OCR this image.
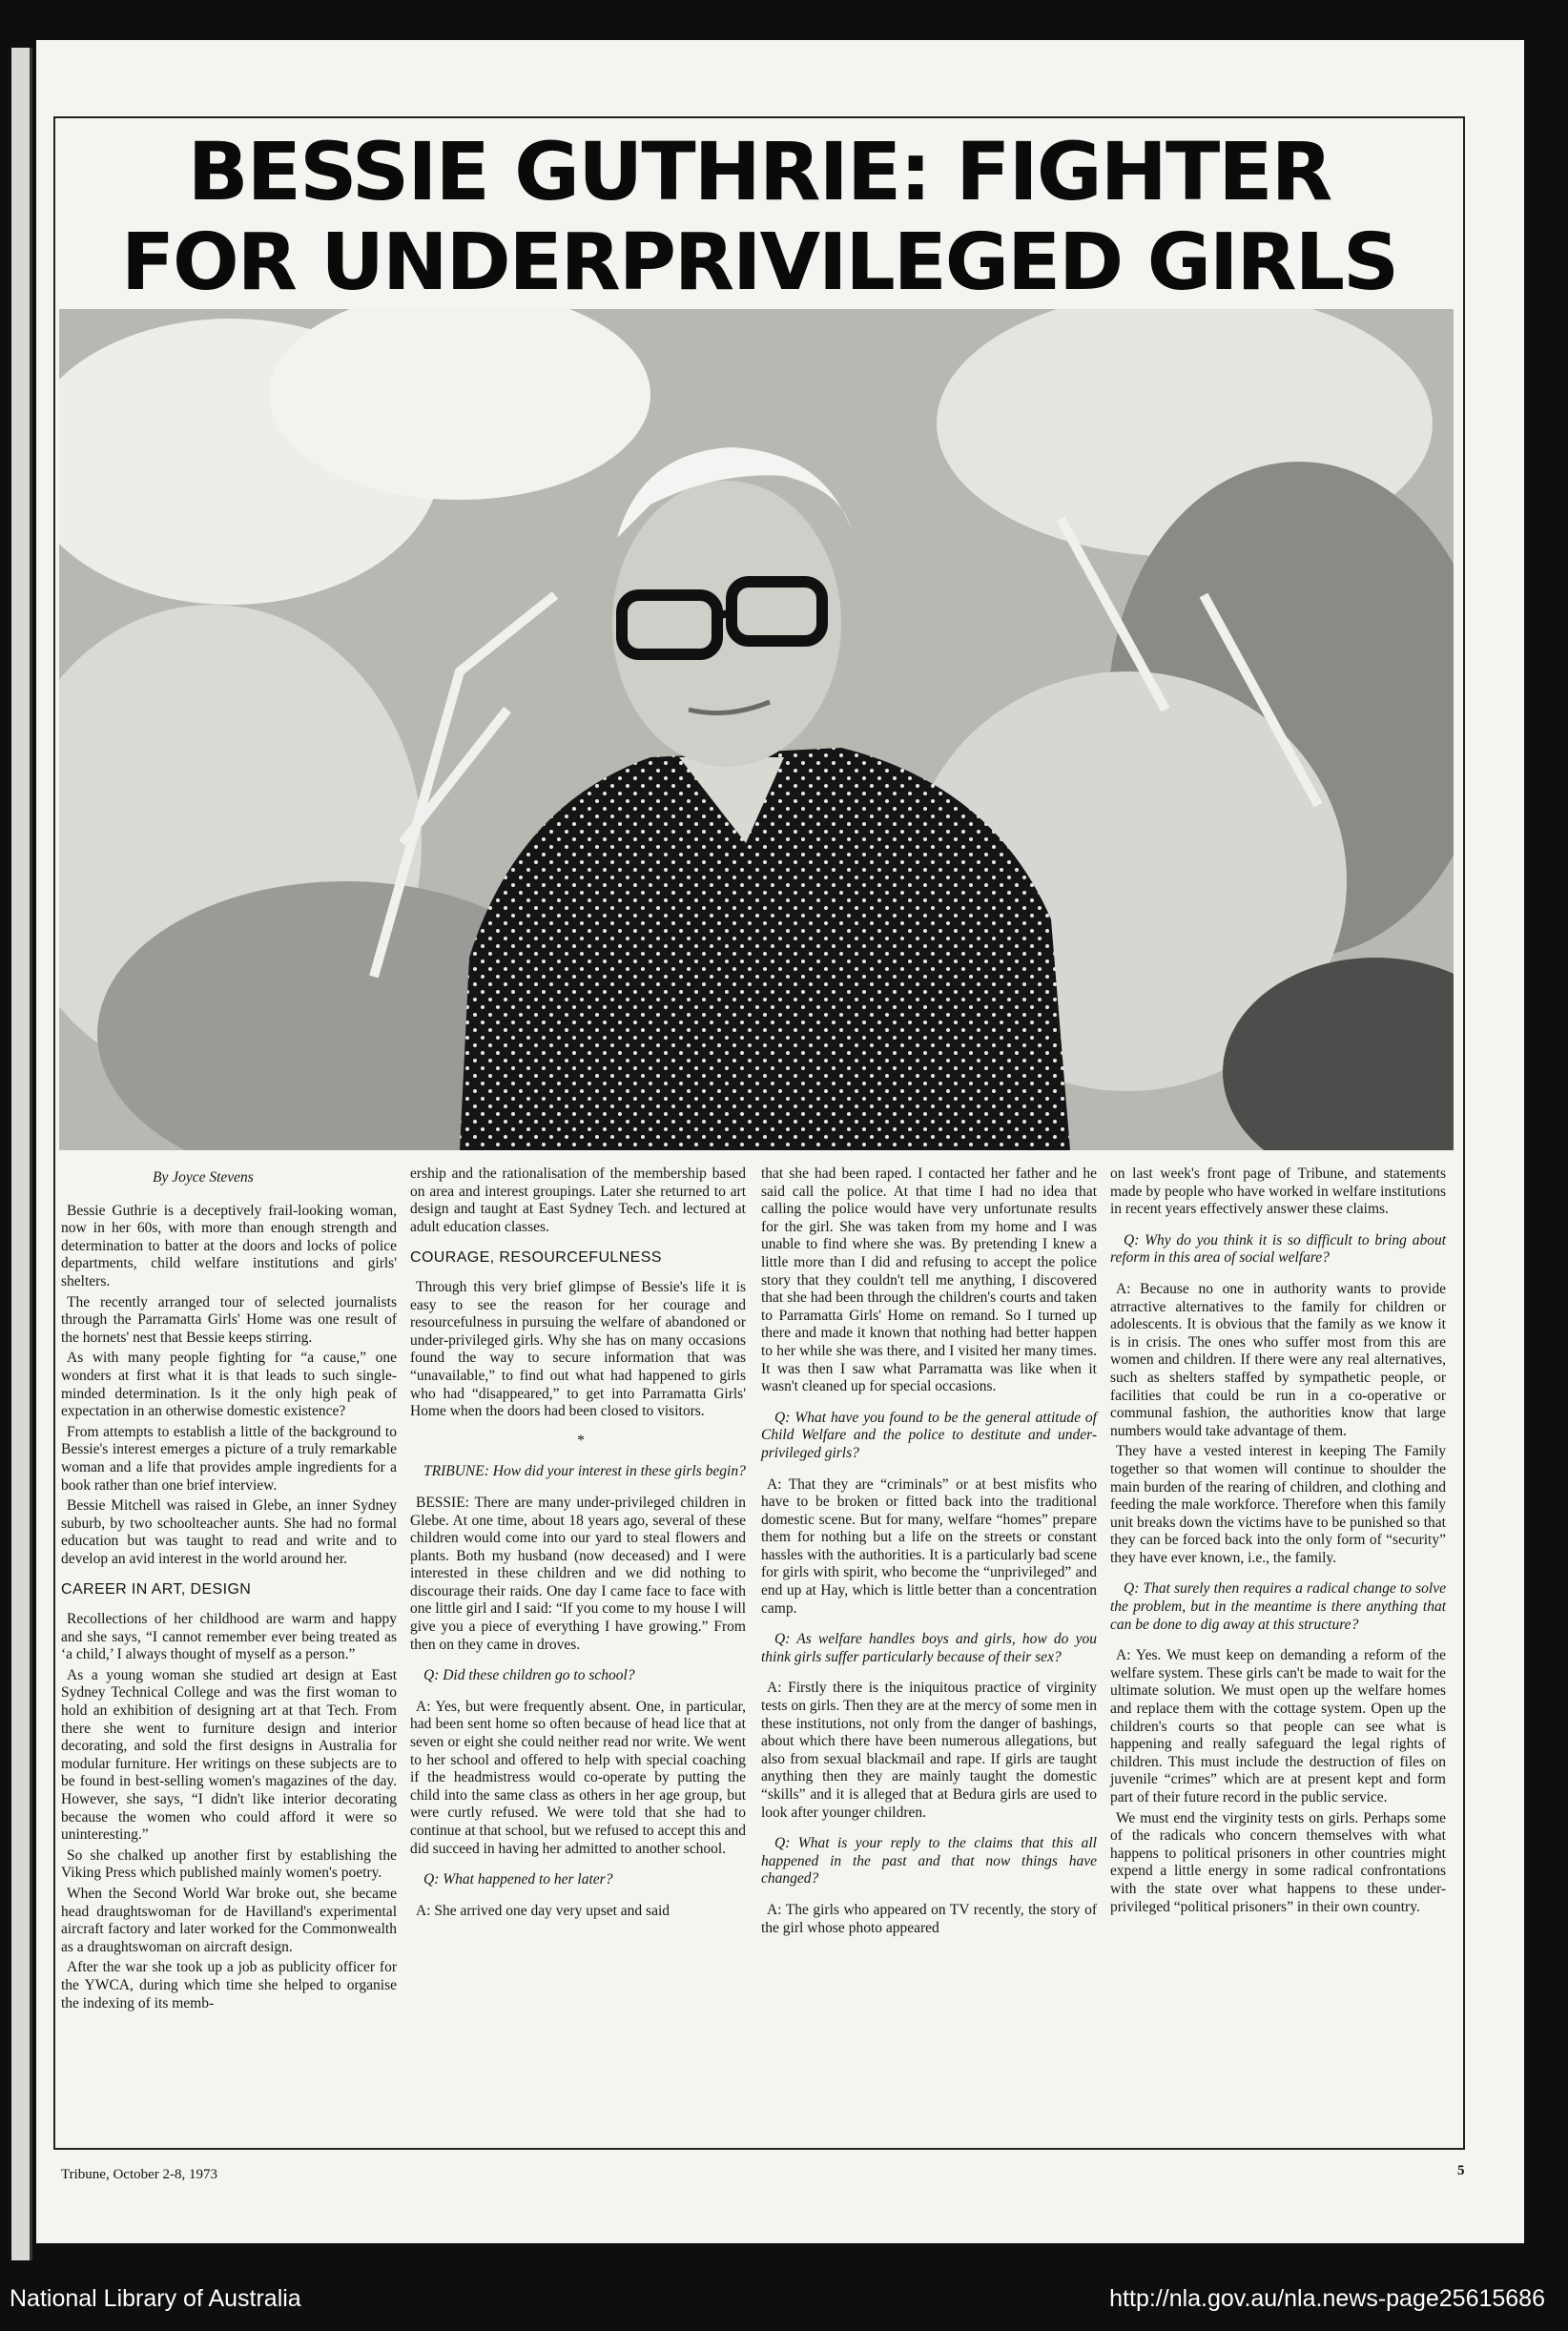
BESSIE GUTHRIE: FIGHTER
FOR UNDERPRIVILEGED GIRLS

By Joyce Stevens

Bessie Guthrie is a deceptively frail-looking woman, now in her 60s, with more than enough strength and determination to batter at the doors and locks of police departments, child welfare institutions and girls' shelters.

The recently arranged tour of selected journalists through the Parramatta Girls' Home was one result of the hornets' nest that Bessie keeps stirring.

As with many people fighting for “a cause,” one wonders at first what it is that leads to such single-minded determination. Is it the only high peak of expectation in an otherwise domestic existence?

From attempts to establish a little of the background to Bessie's interest emerges a picture of a truly remarkable woman and a life that provides ample ingredients for a book rather than one brief interview.

Bessie Mitchell was raised in Glebe, an inner Sydney suburb, by two schoolteacher aunts. She had no formal education but was taught to read and write and to develop an avid interest in the world around her.

CAREER IN ART, DESIGN

Recollections of her childhood are warm and happy and she says, “I cannot remember ever being treated as ‘a child,’ I always thought of myself as a person.”

As a young woman she studied art design at East Sydney Technical College and was the first woman to hold an exhibition of designing art at that Tech. From there she went to furniture design and interior decorating, and sold the first designs in Australia for modular furniture. Her writings on these subjects are to be found in best-selling women's magazines of the day. However, she says, “I didn't like interior decorating because the women who could afford it were so uninteresting.”

So she chalked up another first by establishing the Viking Press which published mainly women's poetry.

When the Second World War broke out, she became head draughtswoman for de Havilland's experimental aircraft factory and later worked for the Commonwealth as a draughtswoman on aircraft design.

After the war she took up a job as publicity officer for the YWCA, during which time she helped to organise the indexing of its memb-

ership and the rationalisation of the membership based on area and interest groupings. Later she returned to art design and taught at East Sydney Tech. and lectured at adult education classes.

COURAGE, RESOURCEFULNESS

Through this very brief glimpse of Bessie's life it is easy to see the reason for her courage and resourcefulness in pursuing the welfare of abandoned or under-privileged girls. Why she has on many occasions found the way to secure information that was “unavailable,” to find out what had happened to girls who had “disappeared,” to get into Parramatta Girls' Home when the doors had been closed to visitors.

*

TRIBUNE: How did your interest in these girls begin?

BESSIE: There are many under-privileged children in Glebe. At one time, about 18 years ago, several of these children would come into our yard to steal flowers and plants. Both my husband (now deceased) and I were interested in these children and we did nothing to discourage their raids. One day I came face to face with one little girl and I said: “If you come to my house I will give you a piece of everything I have growing.” From then on they came in droves.

Q: Did these children go to school?

A: Yes, but were frequently absent. One, in particular, had been sent home so often because of head lice that at seven or eight she could neither read nor write. We went to her school and offered to help with special coaching if the headmistress would co-operate by putting the child into the same class as others in her age group, but were curtly refused. We were told that she had to continue at that school, but we refused to accept this and did succeed in having her admitted to another school.

Q: What happened to her later?

A: She arrived one day very upset and said

that she had been raped. I contacted her father and he said call the police. At that time I had no idea that calling the police would have very unfortunate results for the girl. She was taken from my home and I was unable to find where she was. By pretending I knew a little more than I did and refusing to accept the police story that they couldn't tell me anything, I discovered that she had been through the children's courts and taken to Parramatta Girls' Home on remand. So I turned up there and made it known that nothing had better happen to her while she was there, and I visited her many times. It was then I saw what Parramatta was like when it wasn't cleaned up for special occasions.

Q: What have you found to be the general attitude of Child Welfare and the police to destitute and under-privileged girls?

A: That they are “criminals” or at best misfits who have to be broken or fitted back into the traditional domestic scene. But for many, welfare “homes” prepare them for nothing but a life on the streets or constant hassles with the authorities. It is a particularly bad scene for girls with spirit, who become the “unprivileged” and end up at Hay, which is little better than a concentration camp.

Q: As welfare handles boys and girls, how do you think girls suffer particularly because of their sex?

A: Firstly there is the iniquitous practice of virginity tests on girls. Then they are at the mercy of some men in these institutions, not only from the danger of bashings, about which there have been numerous allegations, but also from sexual blackmail and rape. If girls are taught anything then they are mainly taught the domestic “skills” and it is alleged that at Bedura girls are used to look after younger children.

Q: What is your reply to the claims that this all happened in the past and that now things have changed?

A: The girls who appeared on TV recently, the story of the girl whose photo appeared

on last week's front page of Tribune, and statements made by people who have worked in welfare institutions in recent years effectively answer these claims.

Q: Why do you think it is so difficult to bring about reform in this area of social welfare?

A: Because no one in authority wants to provide atrractive alternatives to the family for children or adolescents. It is obvious that the family as we know it is in crisis. The ones who suffer most from this are women and children. If there were any real alternatives, such as shelters staffed by sympathetic people, or facilities that could be run in a co-operative or communal fashion, the authorities know that large numbers would take advantage of them.

They have a vested interest in keeping The Family together so that women will continue to shoulder the main burden of the rearing of children, and clothing and feeding the male workforce. Therefore when this family unit breaks down the victims have to be punished so that they can be forced back into the only form of “security” they have ever known, i.e., the family.

Q: That surely then requires a radical change to solve the problem, but in the meantime is there anything that can be done to dig away at this structure?

A: Yes. We must keep on demanding a reform of the welfare system. These girls can't be made to wait for the ultimate solution. We must open up the welfare homes and replace them with the cottage system. Open up the children's courts so that people can see what is happening and really safeguard the legal rights of children. This must include the destruction of files on juvenile “crimes” which are at present kept and form part of their future record in the public service.

We must end the virginity tests on girls. Perhaps some of the radicals who concern themselves with what happens to political prisoners in other countries might expend a little energy in some radical confrontations with the state over what happens to these under-privileged “political prisoners” in their own country.

Tribune, October 2-8, 1973	5
National Library of Australia	http://nla.gov.au/nla.news-page25615686
